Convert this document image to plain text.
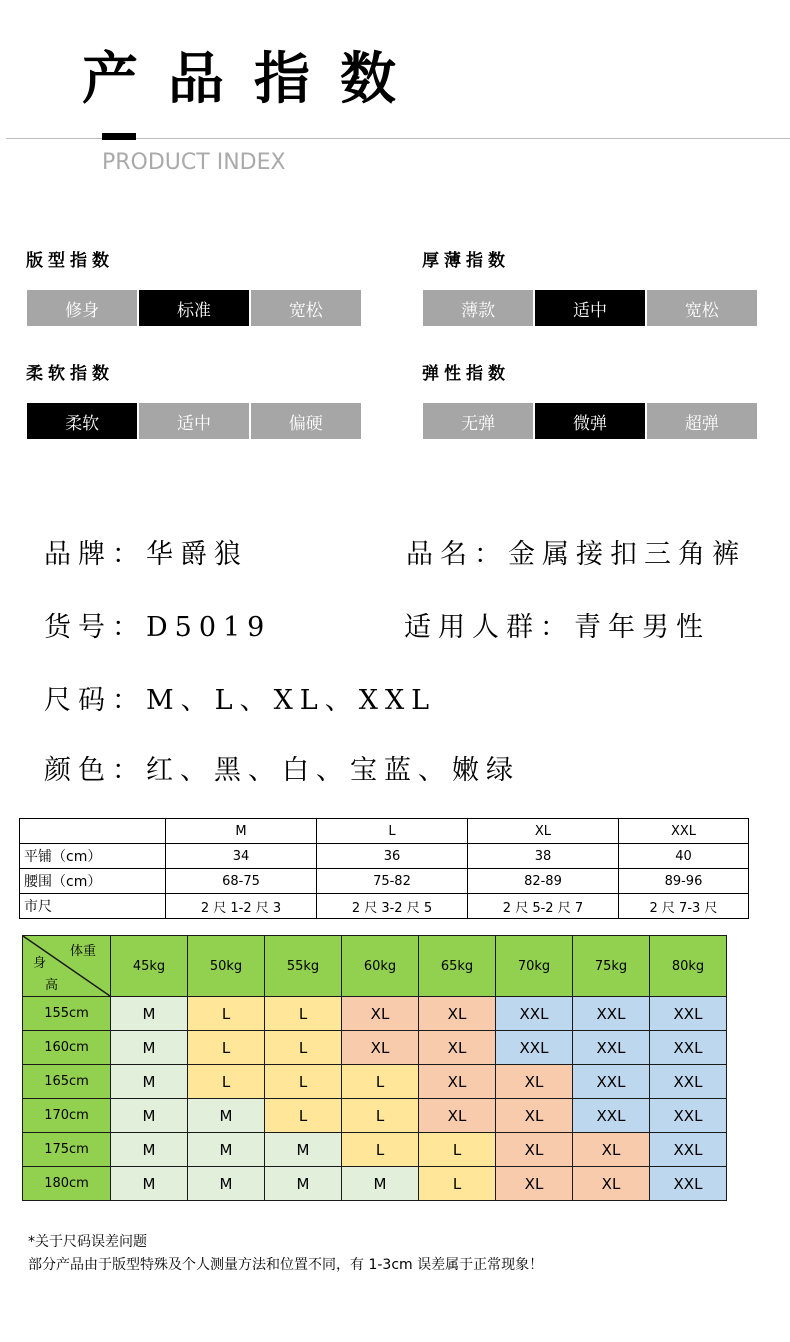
产品指数
PRODUCT INDEX
版型指数
修身	标准	宽松
厚薄指数
薄款	适中	宽松
柔软指数
柔软	适中	偏硬
弹性指数
无弹	微弹	超弹
品牌：华爵狼	品名：金属接扣三角裤
货号：D5019	适用人群：青年男性
尺码：M、L、XL、XXL
颜色：红、黑、白、宝蓝、嫩绿
	M	L	XL	XXL
平铺（cm）	34	36	38	40
腰围（cm）	68-75	75-82	82-89	89-96
市尺	2 尺 1-2 尺 3	2 尺 3-2 尺 5	2 尺 5-2 尺 7	2 尺 7-3 尺
体重
身
高	45kg	50kg	55kg	60kg	65kg	70kg	75kg	80kg
155cm	M	L	L	XL	XL	XXL	XXL	XXL
160cm	M	L	L	XL	XL	XXL	XXL	XXL
165cm	M	L	L	L	XL	XL	XXL	XXL
170cm	M	M	L	L	XL	XL	XXL	XXL
175cm	M	M	M	L	L	XL	XL	XXL
180cm	M	M	M	M	L	XL	XL	XXL
*关于尺码误差问题
部分产品由于版型特殊及个人测量方法和位置不同，有 1-3cm 误差属于正常现象！
